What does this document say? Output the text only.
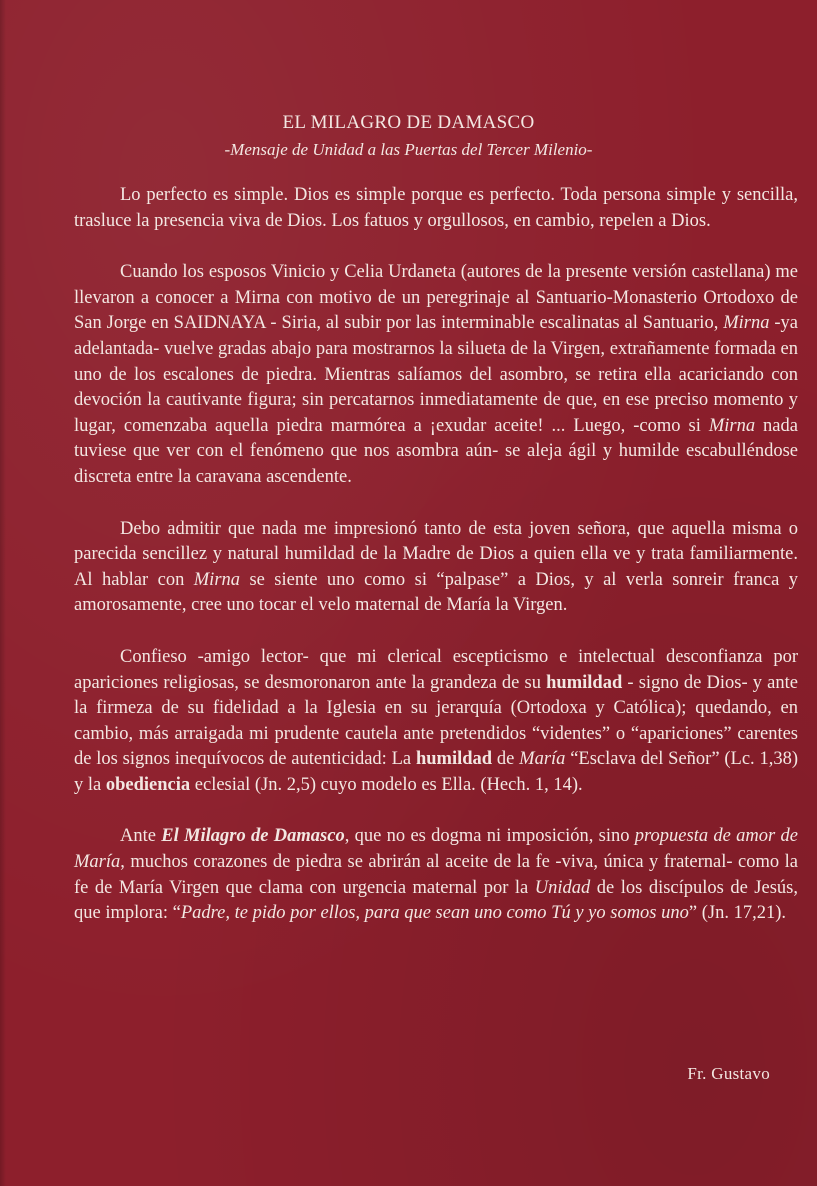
EL MILAGRO DE DAMASCO
-Mensaje de Unidad a las Puertas del Tercer Milenio-

Lo perfecto es simple. Dios es simple porque es perfecto. Toda persona simple y sencilla, trasluce la presencia viva de Dios. Los fatuos y orgullosos, en cambio, repelen a Dios.

Cuando los esposos Vinicio y Celia Urdaneta (autores de la presente versión castellana) me llevaron a conocer a Mirna con motivo de un peregrinaje al Santuario-Monasterio Ortodoxo de San Jorge en SAIDNAYA - Siria, al subir por las interminable escalinatas al Santuario, Mirna -ya adelantada- vuelve gradas abajo para mostrarnos la silueta de la Virgen, extrañamente formada en uno de los escalones de piedra. Mientras salíamos del asombro, se retira ella acariciando con devoción la cautivante figura; sin percatarnos inmediatamente de que, en ese preciso momento y lugar, comenzaba aquella piedra marmórea a ¡exudar aceite! ... Luego, -como si Mirna nada tuviese que ver con el fenómeno que nos asombra aún- se aleja ágil y humilde escabulléndose discreta entre la caravana ascendente.

Debo admitir que nada me impresionó tanto de esta joven señora, que aquella misma o parecida sencillez y natural humildad de la Madre de Dios a quien ella ve y trata familiarmente. Al hablar con Mirna se siente uno como si “palpase” a Dios, y al verla sonreir franca y amorosamente, cree uno tocar el velo maternal de María la Virgen.

Confieso -amigo lector- que mi clerical escepticismo e intelectual desconfianza por apariciones religiosas, se desmoronaron ante la grandeza de su humildad - signo de Dios- y ante la firmeza de su fidelidad a la Iglesia en su jerarquía (Ortodoxa y Católica); quedando, en cambio, más arraigada mi prudente cautela ante pretendidos “videntes” o “apariciones” carentes de los signos inequívocos de autenticidad: La humildad de María “Esclava del Señor” (Lc. 1,38) y la obediencia eclesial (Jn. 2,5) cuyo modelo es Ella. (Hech. 1, 14).

Ante El Milagro de Damasco, que no es dogma ni imposición, sino propuesta de amor de María, muchos corazones de piedra se abrirán al aceite de la fe -viva, única y fraternal- como la fe de María Virgen que clama con urgencia maternal por la Unidad de los discípulos de Jesús, que implora: “Padre, te pido por ellos, para que sean uno como Tú y yo somos uno” (Jn. 17,21).

Fr. Gustavo
